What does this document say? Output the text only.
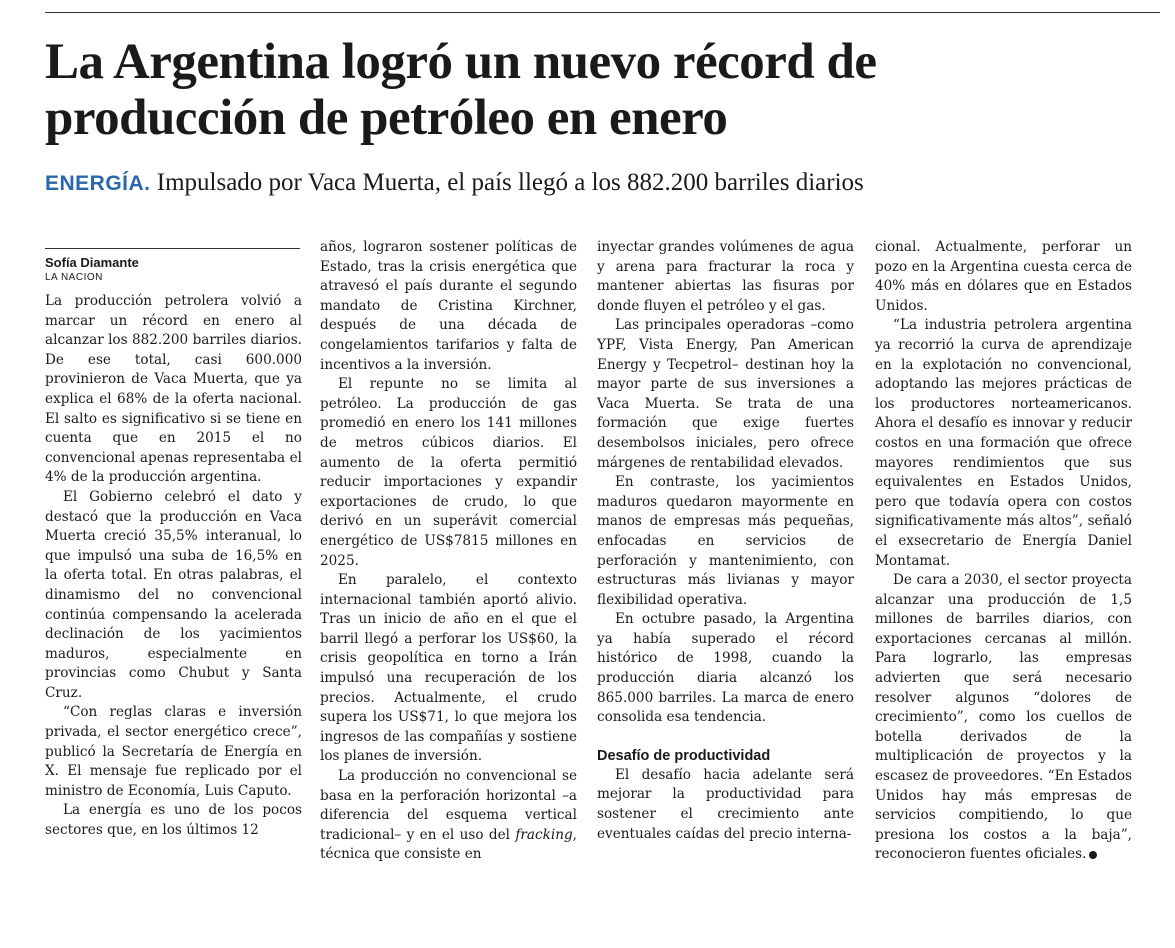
La Argentina logró un nuevo récord de
producción de petróleo en enero
ENERGÍA. Impulsado por Vaca Muerta, el país llegó a los 882.200 barriles diarios
Sofía Diamante
LA NACION

La producción petrolera volvió a marcar un récord en enero al alcanzar los 882.200 barriles diarios. De ese total, casi 600.000 provinieron de Vaca Muerta, que ya explica el 68% de la oferta nacional. El salto es significativo si se tiene en cuenta que en 2015 el no convencional apenas representaba el 4% de la producción argentina.

El Gobierno celebró el dato y destacó que la producción en Vaca Muerta creció 35,5% interanual, lo que impulsó una suba de 16,5% en la oferta total. En otras palabras, el dinamismo del no convencional continúa compensando la acelerada declinación de los yacimientos maduros, especialmente en provincias como Chubut y Santa Cruz.

“Con reglas claras e inversión privada, el sector energético crece”, publicó la Secretaría de Energía en X. El mensaje fue replicado por el ministro de Economía, Luis Caputo.

La energía es uno de los pocos sectores que, en los últimos 12

años, lograron sostener políticas de Estado, tras la crisis energética que atravesó el país durante el segundo mandato de Cristina Kirchner, después de una década de congelamientos tarifarios y falta de incentivos a la inversión.

El repunte no se limita al petróleo. La producción de gas promedió en enero los 141 millones de metros cúbicos diarios. El aumento de la oferta permitió reducir importaciones y expandir exportaciones de crudo, lo que derivó en un superávit comercial energético de US$7815 millones en 2025.

En paralelo, el contexto internacional también aportó alivio. Tras un inicio de año en el que el barril llegó a perforar los US$60, la crisis geopolítica en torno a Irán impulsó una recuperación de los precios. Actualmente, el crudo supera los US$71, lo que mejora los ingresos de las compañías y sostiene los planes de inversión.

La producción no convencional se basa en la perforación horizontal –a diferencia del esquema vertical tradicional– y en el uso del fracking, técnica que consiste en

inyectar grandes volúmenes de agua y arena para fracturar la roca y mantener abiertas las fisuras por donde fluyen el petróleo y el gas.

Las principales operadoras –como YPF, Vista Energy, Pan American Energy y Tecpetrol– destinan hoy la mayor parte de sus inversiones a Vaca Muerta. Se trata de una formación que exige fuertes desembolsos iniciales, pero ofrece márgenes de rentabilidad elevados.

En contraste, los yacimientos maduros quedaron mayormente en manos de empresas más pequeñas, enfocadas en servicios de perforación y mantenimiento, con estructuras más livianas y mayor flexibilidad operativa.

En octubre pasado, la Argentina ya había superado el récord histórico de 1998, cuando la producción diaria alcanzó los 865.000 barriles. La marca de enero consolida esa tendencia.

Desafío de productividad

El desafío hacia adelante será mejorar la productividad para sostener el crecimiento ante eventuales caídas del precio interna-

cional. Actualmente, perforar un pozo en la Argentina cuesta cerca de 40% más en dólares que en Estados Unidos.

“La industria petrolera argentina ya recorrió la curva de aprendizaje en la explotación no convencional, adoptando las mejores prácticas de los productores norteamericanos. Ahora el desafío es innovar y reducir costos en una formación que ofrece mayores rendimientos que sus equivalentes en Estados Unidos, pero que todavía opera con costos significativamente más altos”, señaló el exsecretario de Energía Daniel Montamat.

De cara a 2030, el sector proyecta alcanzar una producción de 1,5 millones de barriles diarios, con exportaciones cercanas al millón. Para lograrlo, las empresas advierten que será necesario resolver algunos “dolores de crecimiento”, como los cuellos de botella derivados de la multiplicación de proyectos y la escasez de proveedores. “En Estados Unidos hay más empresas de servicios compitiendo, lo que presiona los costos a la baja”, reconocieron fuentes oficiales.
